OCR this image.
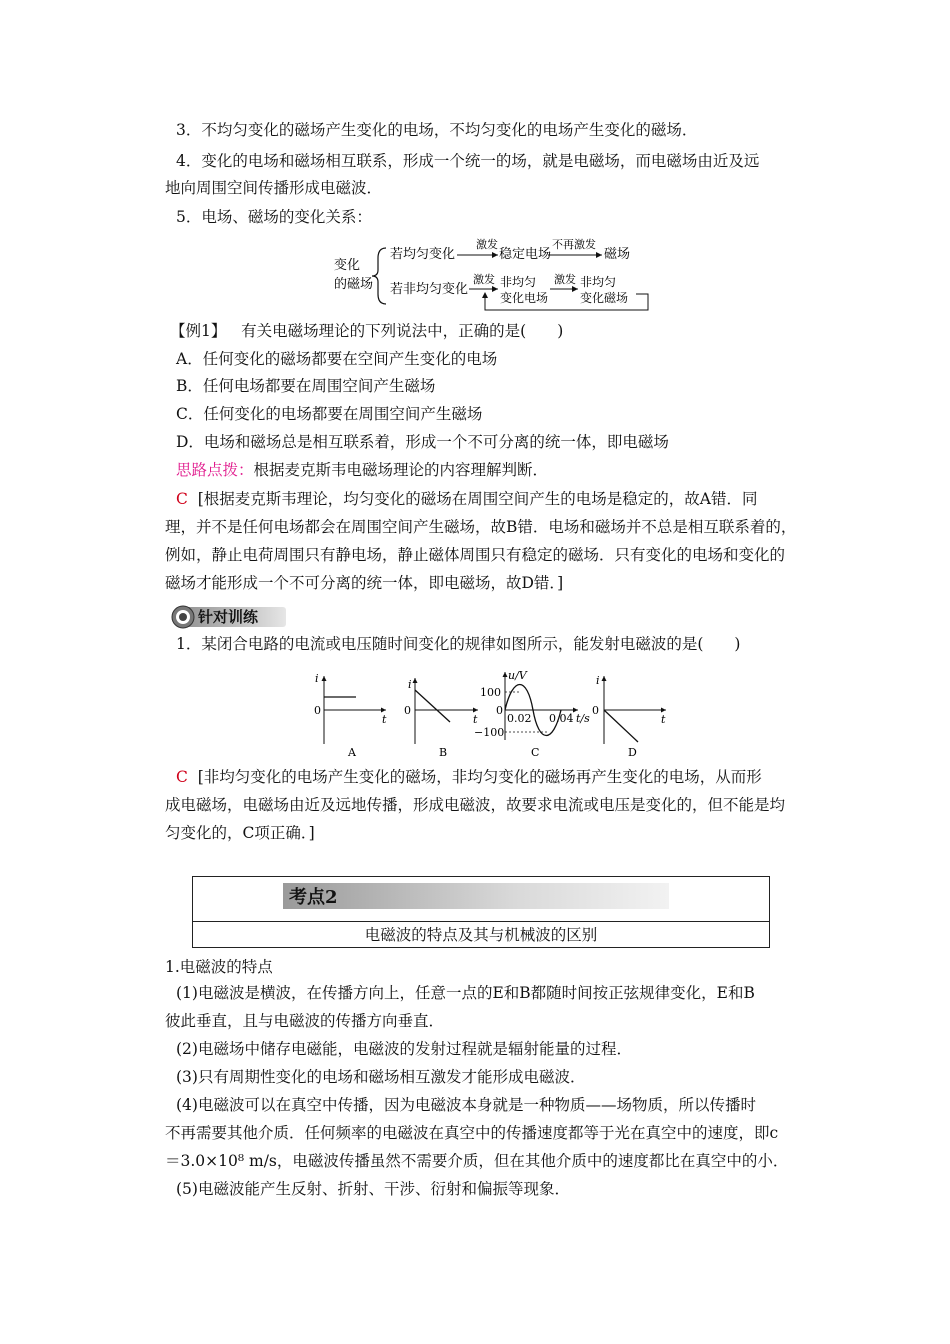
3．不均匀变化的磁场产生变化的电场，不均匀变化的电场产生变化的磁场．
4．变化的电场和磁场相互联系，形成一个统一的场，就是电磁场，而电磁场由近及远
地向周围空间传播形成电磁波．
5．电场、磁场的变化关系：
变化
的磁场
若均匀变化
激发
稳定电场
不再激发
磁场
若非均匀变化
激发 非均匀
变化电场
激发 非均匀
变化磁场
【例1】 有关电磁场理论的下列说法中，正确的是(　　)
A．任何变化的磁场都要在空间产生变化的电场
B．任何电场都要在周围空间产生磁场
C．任何变化的电场都要在周围空间产生磁场
D．电场和磁场总是相互联系着，形成一个不可分离的统一体，即电磁场
思路点拨：根据麦克斯韦电磁场理论的内容理解判断．
C [根据麦克斯韦理论，均匀变化的磁场在周围空间产生的电场是稳定的，故A错．同
理，并不是任何电场都会在周围空间产生磁场，故B错．电场和磁场并不总是相互联系着的，
例如，静止电荷周围只有静电场，静止磁体周围只有稳定的磁场．只有变化的电场和变化的
磁场才能形成一个不可分离的统一体，即电磁场，故D错．]
针对训练
1．某闭合电路的电流或电压随时间变化的规律如图所示，能发射电磁波的是(　　)
i
0
t
A
i
0
t
B
u/V
100
0
−100
0.02 0.04 t/s
C
i
0
t
D
C [非均匀变化的电场产生变化的磁场，非均匀变化的磁场再产生变化的电场，从而形
成电磁场，电磁场由近及远地传播，形成电磁波，故要求电流或电压是变化的，但不能是均
匀变化的，C项正确．]
考点2
电磁波的特点及其与机械波的区别
1.电磁波的特点
(1)电磁波是横波，在传播方向上，任意一点的E和B都随时间按正弦规律变化，E和B
彼此垂直，且与电磁波的传播方向垂直．
(2)电磁场中储存电磁能，电磁波的发射过程就是辐射能量的过程．
(3)只有周期性变化的电场和磁场相互激发才能形成电磁波．
(4)电磁波可以在真空中传播，因为电磁波本身就是一种物质——场物质，所以传播时
不再需要其他介质．任何频率的电磁波在真空中的传播速度都等于光在真空中的速度，即c
＝3.0×10⁸ m/s，电磁波传播虽然不需要介质，但在其他介质中的速度都比在真空中的小．
(5)电磁波能产生反射、折射、干涉、衍射和偏振等现象．
